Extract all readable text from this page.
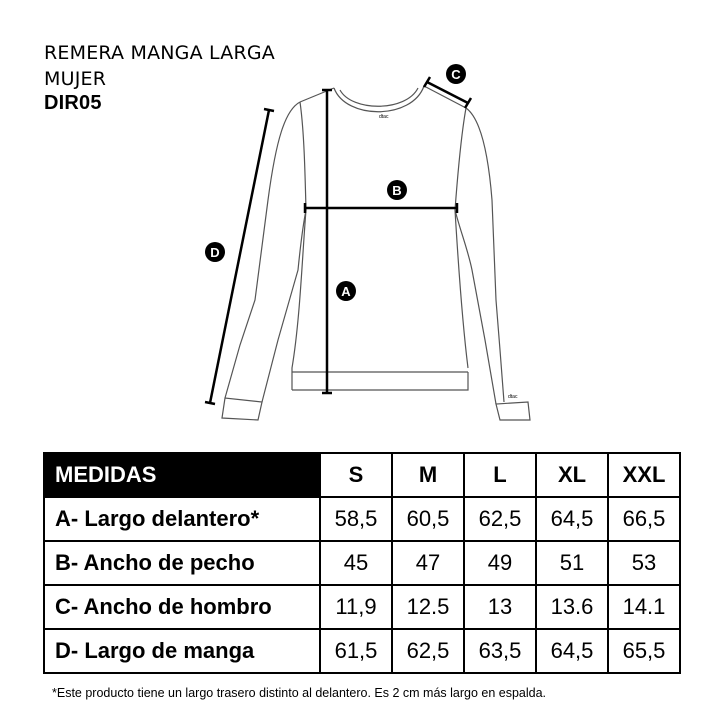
REMERA MANGA LARGA
MUJER
DIR05
dtac
dtac
D
A
B
C
MEDIDAS	S	M	L	XL	XXL
A- Largo delantero*	58,5	60,5	62,5	64,5	66,5
B- Ancho de pecho	45	47	49	51	53
C- Ancho de hombro	11,9	12.5	13	13.6	14.1
D- Largo de manga	61,5	62,5	63,5	64,5	65,5
*Este producto tiene un largo trasero distinto al delantero. Es 2 cm más largo en espalda.
